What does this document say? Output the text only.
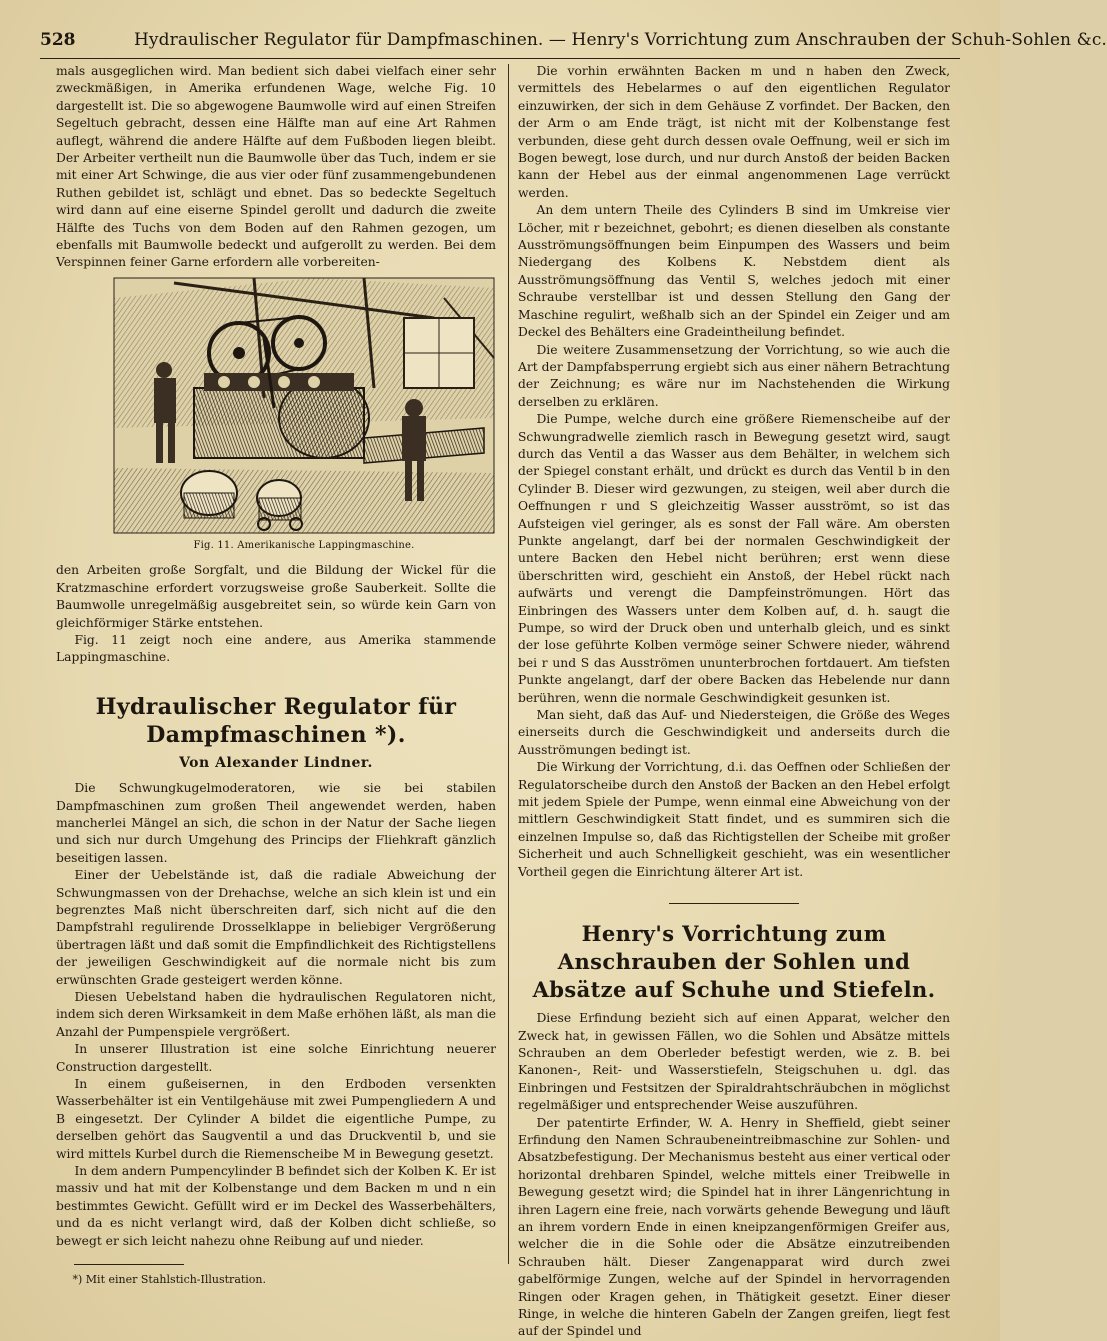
528	Hydraulischer Regulator für Dampfmaschinen. — Henry's Vorrichtung zum Anschrauben der Schuh-Sohlen &c.

mals ausgeglichen wird. Man bedient sich dabei vielfach einer sehr zweckmäßigen, in Amerika erfundenen Wage, welche Fig. 10 dargestellt ist. Die so abgewogene Baumwolle wird auf einen Streifen Segeltuch gebracht, dessen eine Hälfte man auf eine Art Rahmen auflegt, während die andere Hälfte auf dem Fußboden liegen bleibt. Der Arbeiter vertheilt nun die Baumwolle über das Tuch, indem er sie mit einer Art Schwinge, die aus vier oder fünf zusammengebundenen Ruthen gebildet ist, schlägt und ebnet. Das so bedeckte Segeltuch wird dann auf eine eiserne Spindel gerollt und dadurch die zweite Hälfte des Tuchs von dem Boden auf den Rahmen gezogen, um ebenfalls mit Baumwolle bedeckt und aufgerollt zu werden. Bei dem Verspinnen feiner Garne erfordern alle vorbereiten-

Fig. 11. Amerikanische Lappingmaschine.

den Arbeiten große Sorgfalt, und die Bildung der Wickel für die Kratzmaschine erfordert vorzugsweise große Sauberkeit. Sollte die Baumwolle unregelmäßig ausgebreitet sein, so würde kein Garn von gleichförmiger Stärke entstehen.

Fig. 11 zeigt noch eine andere, aus Amerika stammende Lappingmaschine.

Hydraulischer Regulator für Dampfmaschinen *).
Von Alexander Lindner.

Die Schwungkugelmoderatoren, wie sie bei stabilen Dampfmaschinen zum großen Theil angewendet werden, haben mancherlei Mängel an sich, die schon in der Natur der Sache liegen und sich nur durch Umgehung des Princips der Fliehkraft gänzlich beseitigen lassen.

Einer der Uebelstände ist, daß die radiale Abweichung der Schwungmassen von der Drehachse, welche an sich klein ist und ein begrenztes Maß nicht überschreiten darf, sich nicht auf die den Dampfstrahl regulirende Drosselklappe in beliebiger Vergrößerung übertragen läßt und daß somit die Empfindlichkeit des Richtigstellens der jeweiligen Geschwindigkeit auf die normale nicht bis zum erwünschten Grade gesteigert werden könne.

Diesen Uebelstand haben die hydraulischen Regulatoren nicht, indem sich deren Wirksamkeit in dem Maße erhöhen läßt, als man die Anzahl der Pumpenspiele vergrößert.

In unserer Illustration ist eine solche Einrichtung neuerer Construction dargestellt.

In einem gußeisernen, in den Erdboden versenkten Wasserbehälter ist ein Ventilgehäuse mit zwei Pumpengliedern A und B eingesetzt. Der Cylinder A bildet die eigentliche Pumpe, zu derselben gehört das Saugventil a und das Druckventil b, und sie wird mittels Kurbel durch die Riemenscheibe M in Bewegung gesetzt.

In dem andern Pumpencylinder B befindet sich der Kolben K. Er ist massiv und hat mit der Kolbenstange und dem Backen m und n ein bestimmtes Gewicht. Gefüllt wird er im Deckel des Wasserbehälters, und da es nicht verlangt wird, daß der Kolben dicht schließe, so bewegt er sich leicht nahezu ohne Reibung auf und nieder.

*) Mit einer Stahlstich-Illustration.

Die vorhin erwähnten Backen m und n haben den Zweck, vermittels des Hebelarmes o auf den eigentlichen Regulator einzuwirken, der sich in dem Gehäuse Z vorfindet. Der Backen, den der Arm o am Ende trägt, ist nicht mit der Kolbenstange fest verbunden, diese geht durch dessen ovale Oeffnung, weil er sich im Bogen bewegt, lose durch, und nur durch Anstoß der beiden Backen kann der Hebel aus der einmal angenommenen Lage verrückt werden.

An dem untern Theile des Cylinders B sind im Umkreise vier Löcher, mit r bezeichnet, gebohrt; es dienen dieselben als constante Ausströmungsöffnungen beim Einpumpen des Wassers und beim Niedergang des Kolbens K. Nebstdem dient als Ausströmungsöffnung das Ventil S, welches jedoch mit einer Schraube verstellbar ist und dessen Stellung den Gang der Maschine regulirt, weßhalb sich an der Spindel ein Zeiger und am Deckel des Behälters eine Gradeintheilung befindet.

Die weitere Zusammensetzung der Vorrichtung, so wie auch die Art der Dampfabsperrung ergiebt sich aus einer nähern Betrachtung der Zeichnung; es wäre nur im Nachstehenden die Wirkung derselben zu erklären.

Die Pumpe, welche durch eine größere Riemenscheibe auf der Schwungradwelle ziemlich rasch in Bewegung gesetzt wird, saugt durch das Ventil a das Wasser aus dem Behälter, in welchem sich der Spiegel constant erhält, und drückt es durch das Ventil b in den Cylinder B. Dieser wird gezwungen, zu steigen, weil aber durch die Oeffnungen r und S gleichzeitig Wasser ausströmt, so ist das Aufsteigen viel geringer, als es sonst der Fall wäre. Am obersten Punkte angelangt, darf bei der normalen Geschwindigkeit der untere Backen den Hebel nicht berühren; erst wenn diese überschritten wird, geschieht ein Anstoß, der Hebel rückt nach aufwärts und verengt die Dampfeinströmungen. Hört das Einbringen des Wassers unter dem Kolben auf, d. h. saugt die Pumpe, so wird der Druck oben und unterhalb gleich, und es sinkt der lose geführte Kolben vermöge seiner Schwere nieder, während bei r und S das Ausströmen ununterbrochen fortdauert. Am tiefsten Punkte angelangt, darf der obere Backen das Hebelende nur dann berühren, wenn die normale Geschwindigkeit gesunken ist.

Man sieht, daß das Auf- und Niedersteigen, die Größe des Weges einerseits durch die Geschwindigkeit und anderseits durch die Ausströmungen bedingt ist.

Die Wirkung der Vorrichtung, d.i. das Oeffnen oder Schließen der Regulatorscheibe durch den Anstoß der Backen an den Hebel erfolgt mit jedem Spiele der Pumpe, wenn einmal eine Abweichung von der mittlern Geschwindigkeit Statt findet, und es summiren sich die einzelnen Impulse so, daß das Richtigstellen der Scheibe mit großer Sicherheit und auch Schnelligkeit geschieht, was ein wesentlicher Vortheil gegen die Einrichtung älterer Art ist.

Henry's Vorrichtung zum Anschrauben der Sohlen und Absätze auf Schuhe und Stiefeln.

Diese Erfindung bezieht sich auf einen Apparat, welcher den Zweck hat, in gewissen Fällen, wo die Sohlen und Absätze mittels Schrauben an dem Oberleder befestigt werden, wie z. B. bei Kanonen-, Reit- und Wasserstiefeln, Steigschuhen u. dgl. das Einbringen und Festsitzen der Spiraldrahtschräubchen in möglichst regelmäßiger und entsprechender Weise auszuführen.

Der patentirte Erfinder, W. A. Henry in Sheffield, giebt seiner Erfindung den Namen Schraubeneintreibmaschine zur Sohlen- und Absatzbefestigung. Der Mechanismus besteht aus einer vertical oder horizontal drehbaren Spindel, welche mittels einer Treibwelle in Bewegung gesetzt wird; die Spindel hat in ihrer Längenrichtung in ihren Lagern eine freie, nach vorwärts gehende Bewegung und läuft an ihrem vordern Ende in einen kneipzangenförmigen Greifer aus, welcher die in die Sohle oder die Absätze einzutreibenden Schrauben hält. Dieser Zangenapparat wird durch zwei gabelförmige Zungen, welche auf der Spindel in hervorragenden Ringen oder Kragen gehen, in Thätigkeit gesetzt. Einer dieser Ringe, in welche die hinteren Gabeln der Zangen greifen, liegt fest auf der Spindel und
